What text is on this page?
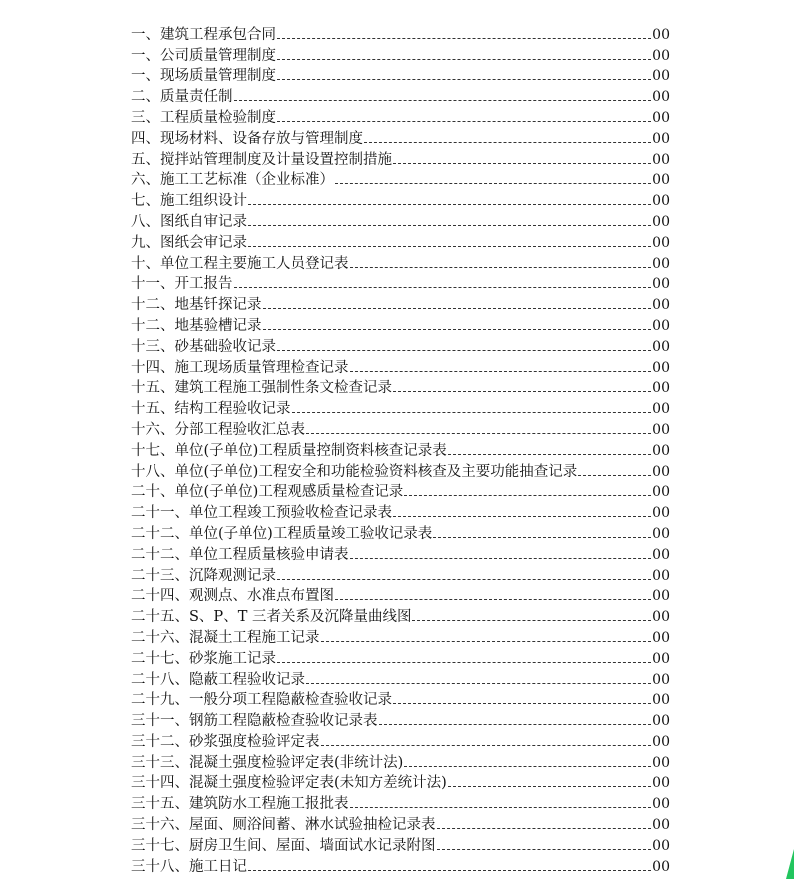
一、建筑工程承包合同	00
一、公司质量管理制度	00
一、现场质量管理制度	00
二、质量责任制	00
三、工程质量检验制度	00
四、现场材料、设备存放与管理制度	00
五、搅拌站管理制度及计量设置控制措施	00
六、施工工艺标准（企业标准）	00
七、施工组织设计	00
八、图纸自审记录	00
九、图纸会审记录	00
十、单位工程主要施工人员登记表	00
十一、开工报告	00
十二、地基钎探记录	00
十二、地基验槽记录	00
十三、砂基础验收记录	00
十四、施工现场质量管理检查记录	00
十五、建筑工程施工强制性条文检查记录	00
十五、结构工程验收记录	00
十六、分部工程验收汇总表	00
十七、单位(子单位)工程质量控制资料核查记录表	00
十八、单位(子单位)工程安全和功能检验资料核查及主要功能抽查记录	00
二十、单位(子单位)工程观感质量检查记录	00
二十一、单位工程竣工预验收检查记录表	00
二十二、单位(子单位)工程质量竣工验收记录表	00
二十二、单位工程质量核验申请表	00
二十三、沉降观测记录	00
二十四、观测点、水准点布置图	00
二十五、S、P、T 三者关系及沉降量曲线图	00
二十六、混凝土工程施工记录	00
二十七、砂浆施工记录	00
二十八、隐蔽工程验收记录	00
二十九、一般分项工程隐蔽检查验收记录	00
三十一、钢筋工程隐蔽检查验收记录表	00
三十二、砂浆强度检验评定表	00
三十三、混凝土强度检验评定表(非统计法)	00
三十四、混凝土强度检验评定表(未知方差统计法)	00
三十五、建筑防水工程施工报批表	00
三十六、屋面、厕浴间蓄、淋水试验抽检记录表	00
三十七、厨房卫生间、屋面、墙面试水记录附图	00
三十八、施工日记	00
